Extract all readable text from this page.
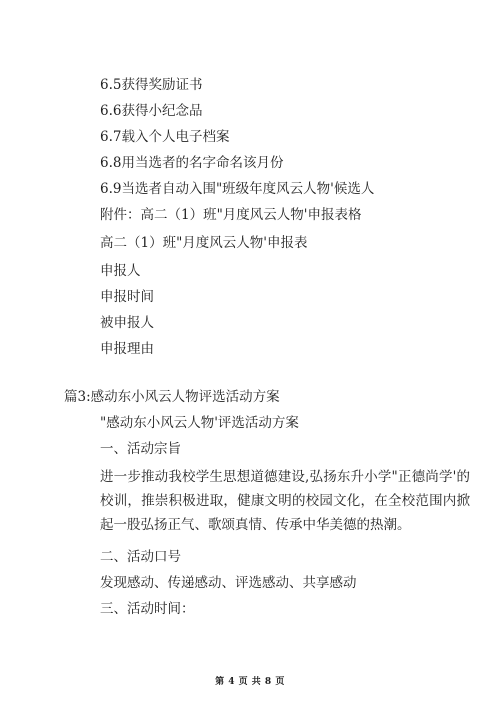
6.5获得奖励证书
6.6获得小纪念品
6.7载入个人电子档案
6.8用当选者的名字命名该月份
6.9当选者自动入围"班级年度风云人物'候选人
附件：高二（1）班"月度风云人物'申报表格
高二（1）班"月度风云人物'申报表
申报人
申报时间
被申报人
申报理由
篇3:感动东小风云人物评选活动方案
"感动东小风云人物'评选活动方案
一、活动宗旨
进一步推动我校学生思想道德建设,弘扬东升小学"正德尚学'的校训，推崇积极进取，健康文明的校园文化，在全校范围内掀起一股弘扬正气、歌颂真情、传承中华美德的热潮。
二、活动口号
发现感动、传递感动、评选感动、共享感动
三、活动时间：
第 4 页 共 8 页
